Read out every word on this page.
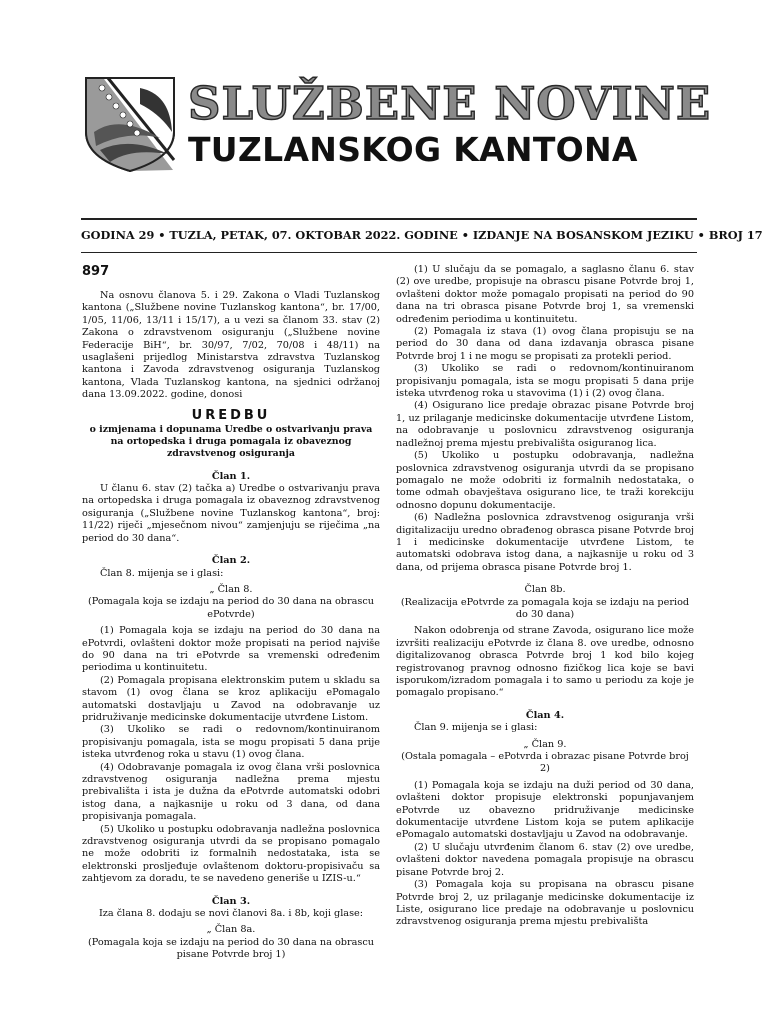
SLUŽBENE NOVINE
TUZLANSKOG KANTONA
GODINA 29 • TUZLA, PETAK, 07. OKTOBAR 2022. GODINE • IZDANJE NA BOSANSKOM JEZIKU • BROJ 17
897

Na osnovu članova 5. i 29. Zakona o Vladi Tuzlanskog kantona („Službene novine Tuzlanskog kantona“, br. 17/00, 1/05, 11/06, 13/11 i 15/17), a u vezi sa članom 33. stav (2) Zakona o zdravstvenom osiguranju („Službene novine Federacije BiH“, br. 30/97, 7/02, 70/08 i 48/11) na usaglašeni prijedlog Ministarstva zdravstva Tuzlanskog kantona i Zavoda zdravstvenog osiguranja Tuzlanskog kantona, Vlada Tuzlanskog kantona, na sjednici održanoj dana 13.09.2022. godine, donosi

UREDBU
o izmjenama i dopunama Uredbe o ostvarivanju prava na ortopedska i druga pomagala iz obaveznog zdravstvenog osiguranja
Član 1.

U članu 6. stav (2) tačka a) Uredbe o ostvarivanju prava na ortopedska i druga pomagala iz obaveznog zdravstvenog osiguranja („Službene novine Tuzlanskog kantona“, broj: 11/22) riječi „mjesečnom nivou“ zamjenjuju se riječima „na period do 30 dana“.

Član 2.

Član 8. mijenja se i glasi:

„ Član 8.
(Pomagala koja se izdaju na period do 30 dana na obrascu ePotvrde)

(1) Pomagala koja se izdaju na period do 30 dana na ePotvrdi, ovlašteni doktor može propisati na period najviše do 90 dana na tri ePotvrde sa vremenski određenim periodima u kontinuitetu.

(2) Pomagala propisana elektronskim putem u skladu sa stavom (1) ovog člana se kroz aplikaciju ePomagalo automatski dostavljaju u Zavod na odobravanje uz pridruživanje medicinske dokumentacije utvrđene Listom.

(3) Ukoliko se radi o redovnom/kontinuiranom propisivanju pomagala, ista se mogu propisati 5 dana prije isteka utvrđenog roka u stavu (1) ovog člana.

(4) Odobravanje pomagala iz ovog člana vrši poslovnica zdravstvenog osiguranja nadležna prema mjestu prebivališta i ista je dužna da ePotvrde automatski odobri istog dana, a najkasnije u roku od 3 dana, od dana propisivanja pomagala.

(5) Ukoliko u postupku odobravanja nadležna poslovnica zdravstvenog osiguranja utvrdi da se propisano pomagalo ne može odobriti iz formalnih nedostataka, ista se elektronski prosljeđuje ovlaštenom doktoru-propisivaču sa zahtjevom za doradu, te se navedeno generiše u IZIS-u.“

Član 3.

Iza člana 8. dodaju se novi članovi 8a. i 8b, koji glase:

„ Član 8a.
(Pomagala koja se izdaju na period do 30 dana na obrascu pisane Potvrde broj 1)

(1) U slučaju da se pomagalo, a saglasno članu 6. stav (2) ove uredbe, propisuje na obrascu pisane Potvrde broj 1, ovlašteni doktor može pomagalo propisati na period do 90 dana na tri obrasca pisane Potvrde broj 1, sa vremenski određenim periodima u kontinuitetu.

(2) Pomagala iz stava (1) ovog člana propisuju se na period do 30 dana od dana izdavanja obrasca pisane Potvrde broj 1 i ne mogu se propisati za protekli period.

(3) Ukoliko se radi o redovnom/kontinuiranom propisivanju pomagala, ista se mogu propisati 5 dana prije isteka utvrđenog roka u stavovima (1) i (2) ovog člana.

(4) Osigurano lice predaje obrazac pisane Potvrde broj 1, uz prilaganje medicinske dokumentacije utvrđene Listom, na odobravanje u poslovnicu zdravstvenog osiguranja nadležnoj prema mjestu prebivališta osiguranog lica.

(5) Ukoliko u postupku odobravanja, nadležna poslovnica zdravstvenog osiguranja utvrdi da se propisano pomagalo ne može odobriti iz formalnih nedostataka, o tome odmah obavještava osigurano lice, te traži korekciju odnosno dopunu dokumentacije.

(6) Nadležna poslovnica zdravstvenog osiguranja vrši digitalizaciju uredno obrađenog obrasca pisane Potvrde broj 1 i medicinske dokumentacije utvrđene Listom, te automatski odobrava istog dana, a najkasnije u roku od 3 dana, od prijema obrasca pisane Potvrde broj 1.

Član 8b.
(Realizacija ePotvrde za pomagala koja se izdaju na period do 30 dana)

Nakon odobrenja od strane Zavoda, osigurano lice može izvršiti realizaciju ePotvrde iz člana 8. ove uredbe, odnosno digitalizovanog obrasca Potvrde broj 1 kod bilo kojeg registrovanog pravnog odnosno fizičkog lica koje se bavi isporukom/izradom pomagala i to samo u periodu za koje je pomagalo propisano.“

Član 4.

Član 9. mijenja se i glasi:

„ Član 9.
(Ostala pomagala – ePotvrda i obrazac pisane Potvrde broj 2)

(1) Pomagala koja se izdaju na duži period od 30 dana, ovlašteni doktor propisuje elektronski popunjavanjem ePotvrde uz obavezno pridruživanje medicinske dokumentacije utvrđene Listom koja se putem aplikacije ePomagalo automatski dostavljaju u Zavod na odobravanje.

(2) U slučaju utvrđenim članom 6. stav (2) ove uredbe, ovlašteni doktor navedena pomagala propisuje na obrascu pisane Potvrde broj 2.

(3) Pomagala koja su propisana na obrascu pisane Potvrde broj 2, uz prilaganje medicinske dokumentacije iz Liste, osigurano lice predaje na odobravanje u poslovnicu zdravstvenog osiguranja prema mjestu prebivališta
